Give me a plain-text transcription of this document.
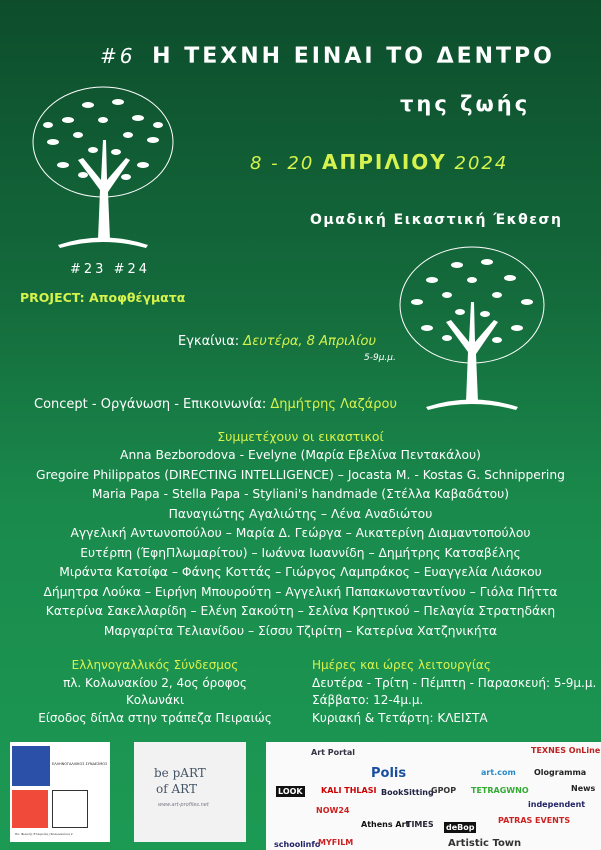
#6 Η ΤΕΧΝΗ ΕΙΝΑΙ ΤΟ ΔΕΝΤΡΟ
της ζωής
8 - 20 ΑΠΡΙΛΙΟΥ 2024
Ομαδική Εικαστική Έκθεση
#23 #24
PROJECT: Αποφθέγματα
Εγκαίνια: Δευτέρα, 8 Απριλίου
5-9μ.μ.
Concept - Οργάνωση - Επικοινωνία: Δημήτρης Λαζάρου
Συμμετέχουν οι εικαστικοί
Anna Bezborodova - Evelyne (Μαρία Εβελίνα Πεντακάλου)
Gregoire Philippatos (DIRECTING INTELLIGENCE) – Jocasta M. - Kostas G. Schnippering
Maria Papa - Stella Papa - Styliani's handmade (Στέλλα Καβαδάτου)
Παναγιώτης Αγαλιώτης – Λένα Αναδιώτου
Αγγελική Αντωνοπούλου – Μαρία Δ. Γεώργα – Αικατερίνη Διαμαντοπούλου
Ευτέρπη (ΈφηΠλωμαρίτου) – Ιωάννα Ιωαννίδη – Δημήτρης Κατσαβέλης
Μιράντα Κατσίφα – Φάνης Κοττάς – Γιώργος Λαμπράκος – Ευαγγελία Λιάσκου
Δήμητρα Λούκα – Ειρήνη Μπουρούτη – Αγγελική Παπακωνσταντίνου – Γιόλα Πήττα
Κατερίνα Σακελλαρίδη – Ελένη Σακούτη – Σελίνα Κρητικού – Πελαγία Στρατηδάκη
Μαργαρίτα Τελιανίδου – Σίσσυ Τζιρίτη – Κατερίνα Χατζηνικήτα
Ελληνογαλλικός Σύνδεσμος
πλ. Κολωνακίου 2, 4ος όροφος
Κολωνάκι
Είσοδος δίπλα στην τράπεζα Πειραιώς
Ημέρες και ώρες λειτουργίας
Δευτέρα - Τρίτη - Πέμπτη - Παρασκευή: 5-9μ.μ.
Σάββατο: 12-4μ.μ.
Κυριακή & Τετάρτη: ΚΛΕΙΣΤΑ
ΕΛΛΗΝΟΓΑΛΛΙΚΟΣ ΣΥΝΔΕΣΜΟΣ
Πλ. Φιλικής Εταιρείας (Κολωνακίου) 2
be pART
of ART
www.art-profiles.net
Art Portal	TEXNES OnLine
Polis	art.com Ologramma
News
LOOK KALI THLASI BookSitting
GPOP TETRAGWNO
independent
NOW24
Athens Art
TIMES deBop
PATRAS EVENTS
Artistic Town
schoolinfo
MYFILM
